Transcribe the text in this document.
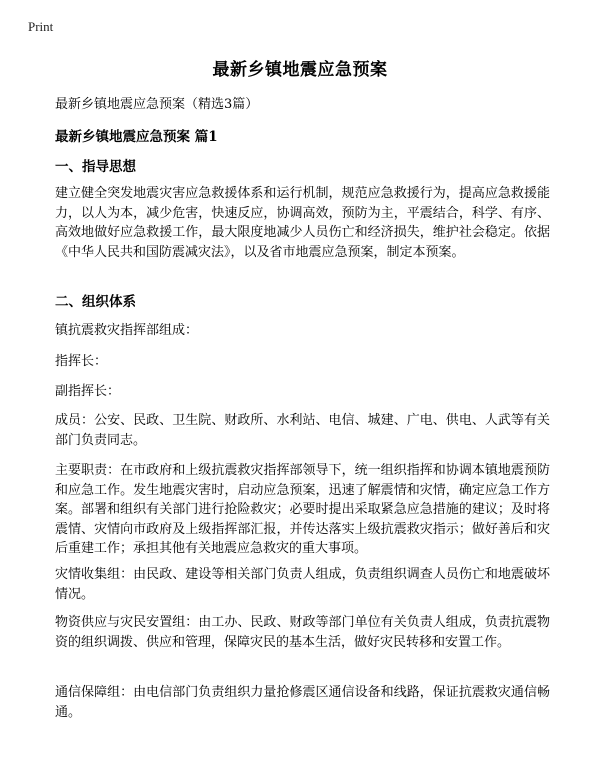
Print
最新乡镇地震应急预案

最新乡镇地震应急预案（精选3篇）

最新乡镇地震应急预案 篇1

一、指导思想

建立健全突发地震灾害应急救援体系和运行机制，规范应急救援行为，提高应急救援能力，以人为本，减少危害，快速反应，协调高效，预防为主，平震结合，科学、有序、高效地做好应急救援工作，最大限度地减少人员伤亡和经济损失，维护社会稳定。依据《中华人民共和国防震减灾法》，以及省市地震应急预案，制定本预案。

二、组织体系

镇抗震救灾指挥部组成：

指挥长：

副指挥长：

成员：公安、民政、卫生院、财政所、水利站、电信、城建、广电、供电、人武等有关部门负责同志。

主要职责：在市政府和上级抗震救灾指挥部领导下，统一组织指挥和协调本镇地震预防和应急工作。发生地震灾害时，启动应急预案，迅速了解震情和灾情，确定应急工作方案。部署和组织有关部门进行抢险救灾；必要时提出采取紧急应急措施的建议；及时将震情、灾情向市政府及上级指挥部汇报，并传达落实上级抗震救灾指示；做好善后和灾后重建工作；承担其他有关地震应急救灾的重大事项。

灾情收集组：由民政、建设等相关部门负责人组成，负责组织调查人员伤亡和地震破坏情况。

物资供应与灾民安置组：由工办、民政、财政等部门单位有关负责人组成，负责抗震物资的组织调拨、供应和管理，保障灾民的基本生活，做好灾民转移和安置工作。

通信保障组：由电信部门负责组织力量抢修震区通信设备和线路，保证抗震救灾通信畅通。
